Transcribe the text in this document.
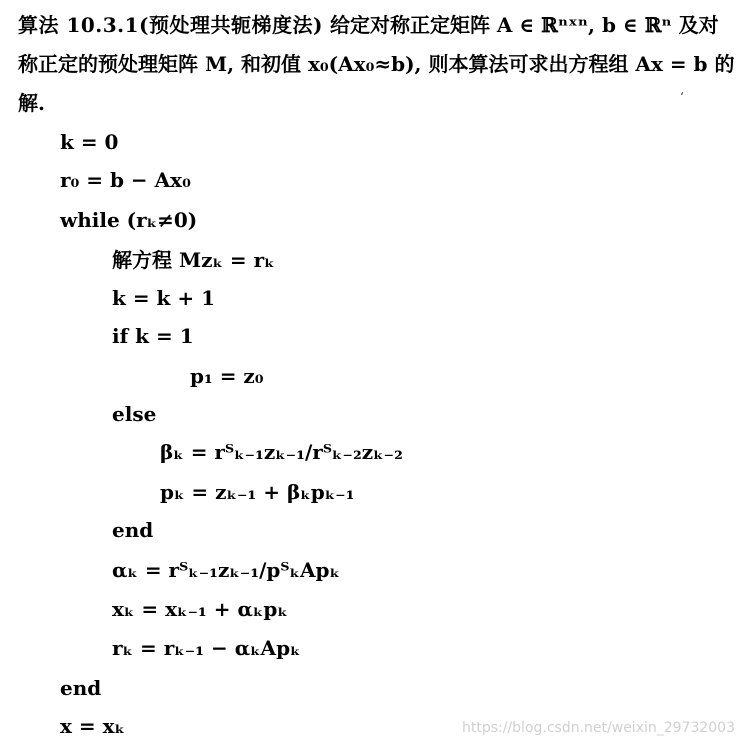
算法 10.3.1(预处理共轭梯度法) 给定对称正定矩阵 A ∈ ℝⁿˣⁿ, b ∈ ℝⁿ 及对称正定的预处理矩阵 M, 和初值 x₀(Ax₀≈b), 则本算法可求出方程组 Ax = b 的解.	ʻ
k = 0
r₀ = b − Ax₀
while (rₖ≠0)
解方程 Mzₖ = rₖ
k = k + 1
if k = 1
p₁ = z₀
else
βₖ = rᵀₖ₋₁zₖ₋₁/rᵀₖ₋₂zₖ₋₂
pₖ = zₖ₋₁ + βₖpₖ₋₁
end
αₖ = rᵀₖ₋₁zₖ₋₁/pᵀₖApₖ
xₖ = xₖ₋₁ + αₖpₖ
rₖ = rₖ₋₁ − αₖApₖ
end
x = xₖ	https://blog.csdn.net/weixin_29732003
